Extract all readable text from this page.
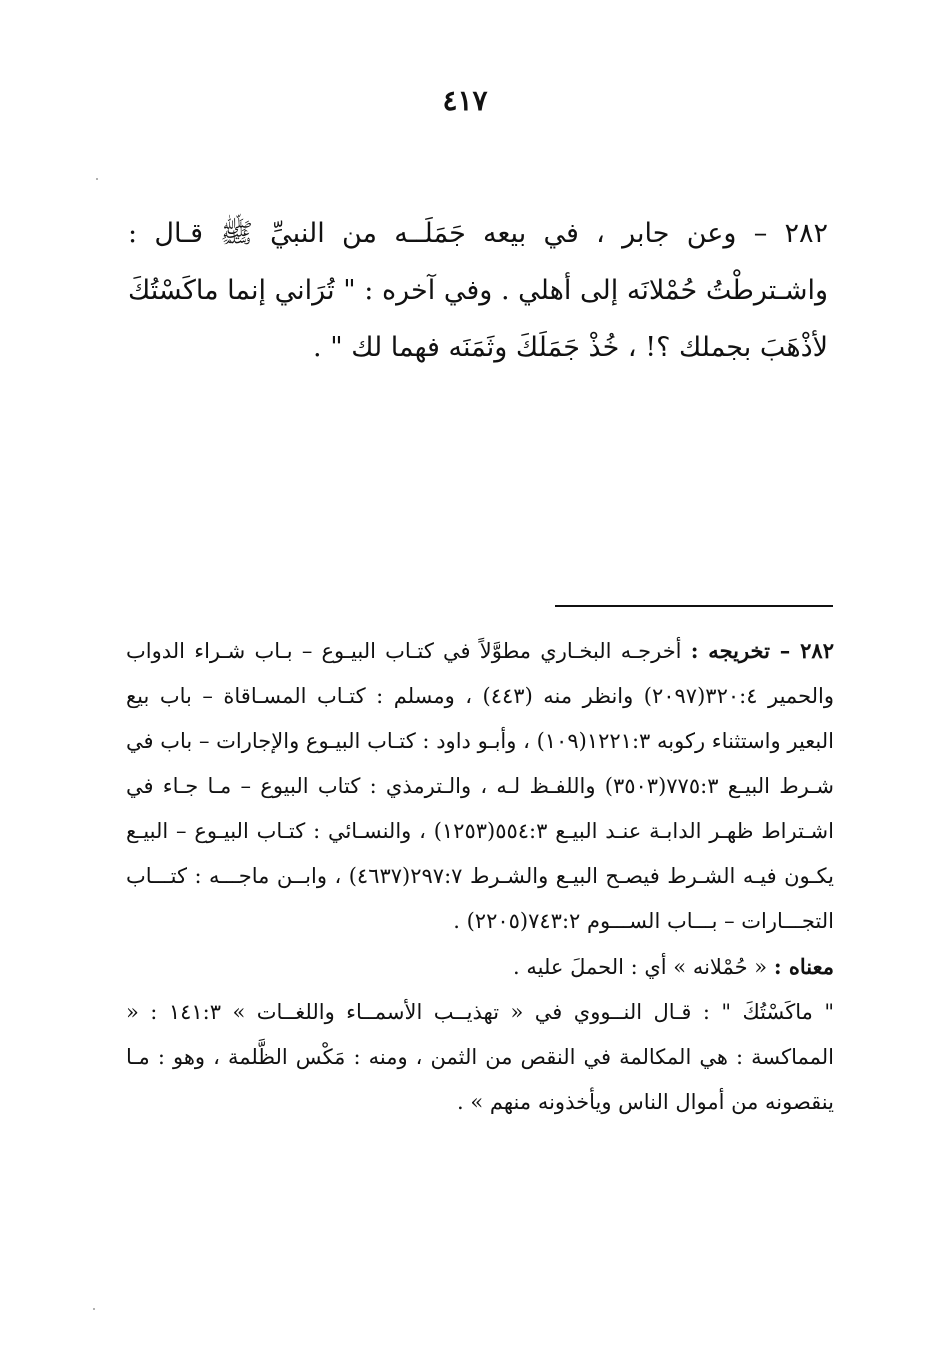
٤١٧

٢٨٢ – وعن جابر ، في بيعه جَمَلَــه من النبيِّ ﷺ قـال : واشـترطْتُ حُمْلانَه إلى أهلي . وفي آخره : " تُرَاني إنما ماكَسْتُكَ لأذْهَبَ بجملك ؟! ، خُذْ جَمَلَكَ وثَمَنَه فهما لك " .

٢٨٢ – تخريجه : أخرجـه البخـاري مطوَّلاً في كتـاب البيـوع – بـاب شـراء الدواب والحمير ٣٢٠:٤(٢٠٩٧) وانظر منه (٤٤٣) ، ومسلم : كتـاب المسـاقاة – باب بيع البعير واستثناء ركوبه ١٢٢١:٣(١٠٩) ، وأبـو داود : كتـاب البيـوع والإجارات – باب في شـرط البيـع ٧٧٥:٣(٣٥٠٣) واللفـظ لـه ، والـترمذي : كتاب البيوع – مـا جـاء في اشـتراط ظهـر الدابـة عنـد البيـع ٥٥٤:٣(١٢٥٣) ، والنسـائي : كتـاب البيـوع – البيـع يكـون فيـه الشـرط فيصـح البيـع والشـرط ٢٩٧:٧(٤٦٣٧) ، وابــن ماجـــه : كتـــاب التجـــارات – بـــاب الســـوم ٧٤٣:٢(٢٢٠٥) .

معناه : « حُمْلانه » أي : الحملَ عليه .

" ماكَسْتُكَ " : قـال النــووي في « تهذيــب الأسمــاء واللغــات » ١٤١:٣ : « المماكسة : هي المكالمة في النقص من الثمن ، ومنه : مَكْس الظَّلمة ، وهو : مـا ينقصونه من أموال الناس ويأخذونه منهم » .
